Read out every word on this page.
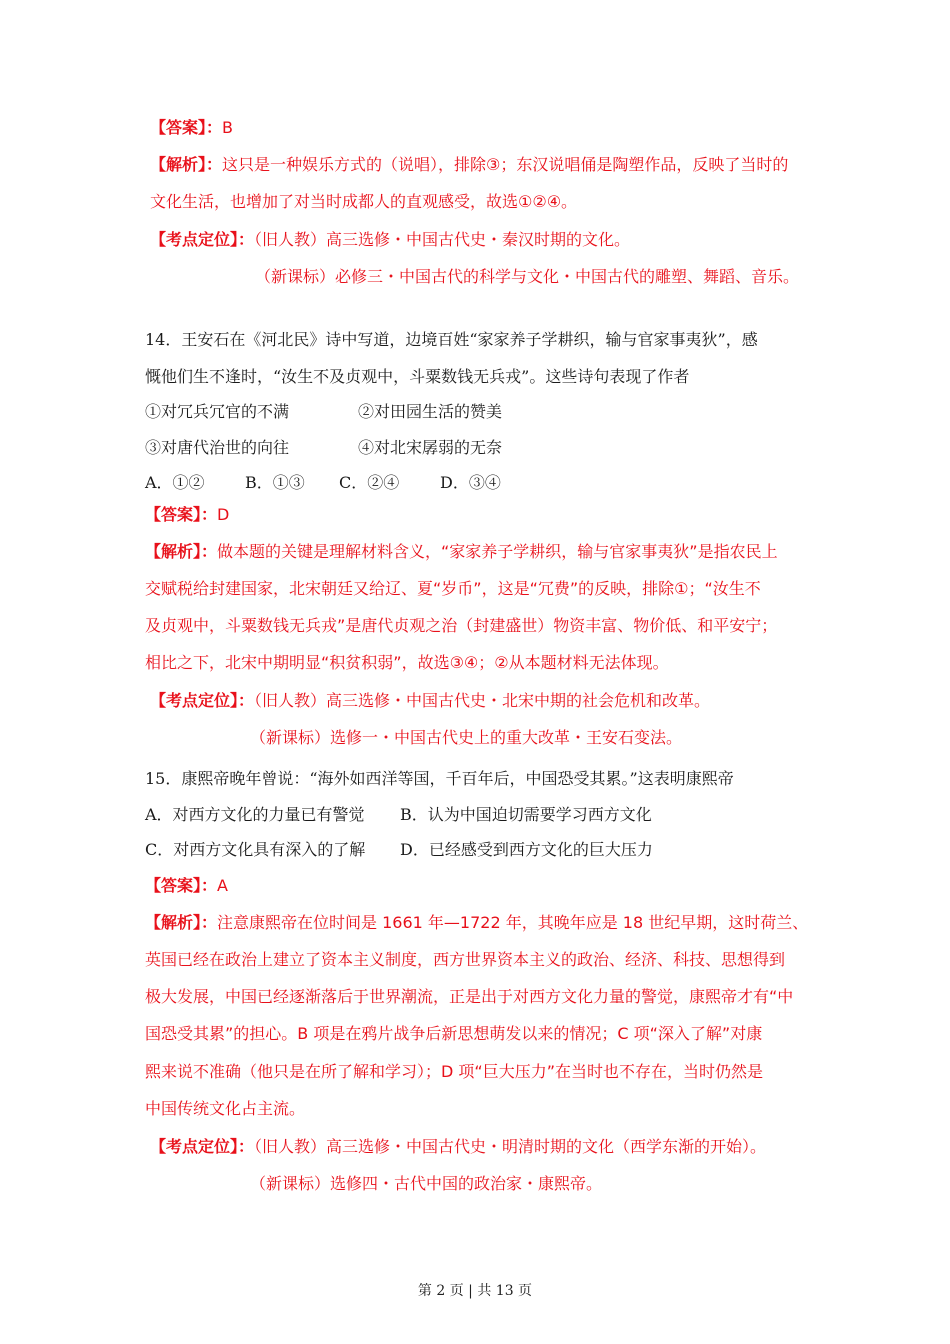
【答案】：B
【解析】：这只是一种娱乐方式的（说唱），排除③；东汉说唱俑是陶塑作品，反映了当时的
文化生活，也增加了对当时成都人的直观感受，故选①②④。
【考点定位】：（旧人教）高三选修・中国古代史・秦汉时期的文化。
（新课标）必修三・中国古代的科学与文化・中国古代的雕塑、舞蹈、音乐。
14．王安石在《河北民》诗中写道，边境百姓“家家养子学耕织，输与官家事夷狄”，感
慨他们生不逢时，“汝生不及贞观中，斗粟数钱无兵戎”。这些诗句表现了作者
①对冗兵冗官的不满	②对田园生活的赞美
③对唐代治世的向往	④对北宋孱弱的无奈
A．①②	B．①③ C．②④	D．③④
【答案】：D
【解析】：做本题的关键是理解材料含义，“家家养子学耕织，输与官家事夷狄”是指农民上
交赋税给封建国家，北宋朝廷又给辽、夏“岁币”，这是“冗费”的反映，排除①；“汝生不
及贞观中，斗粟数钱无兵戎”是唐代贞观之治（封建盛世）物资丰富、物价低、和平安宁；
相比之下，北宋中期明显“积贫积弱”，故选③④；②从本题材料无法体现。
【考点定位】：（旧人教）高三选修・中国古代史・北宋中期的社会危机和改革。
（新课标）选修一・中国古代史上的重大改革・王安石变法。
15．康熙帝晚年曾说：“海外如西洋等国，千百年后，中国恐受其累。”这表明康熙帝
A．对西方文化的力量已有警觉 B．认为中国迫切需要学习西方文化
C．对西方文化具有深入的了解 D．已经感受到西方文化的巨大压力
【答案】：A
【解析】：注意康熙帝在位时间是 1661 年—1722 年，其晚年应是 18 世纪早期，这时荷兰、
英国已经在政治上建立了资本主义制度，西方世界资本主义的政治、经济、科技、思想得到
极大发展，中国已经逐渐落后于世界潮流，正是出于对西方文化力量的警觉，康熙帝才有“中
国恐受其累”的担心。B 项是在鸦片战争后新思想萌发以来的情况；C 项“深入了解”对康
熙来说不准确（他只是在所了解和学习）；D 项“巨大压力”在当时也不存在，当时仍然是
中国传统文化占主流。
【考点定位】：（旧人教）高三选修・中国古代史・明清时期的文化（西学东渐的开始）。
（新课标）选修四・古代中国的政治家・康熙帝。
第 2 页 | 共 13 页
